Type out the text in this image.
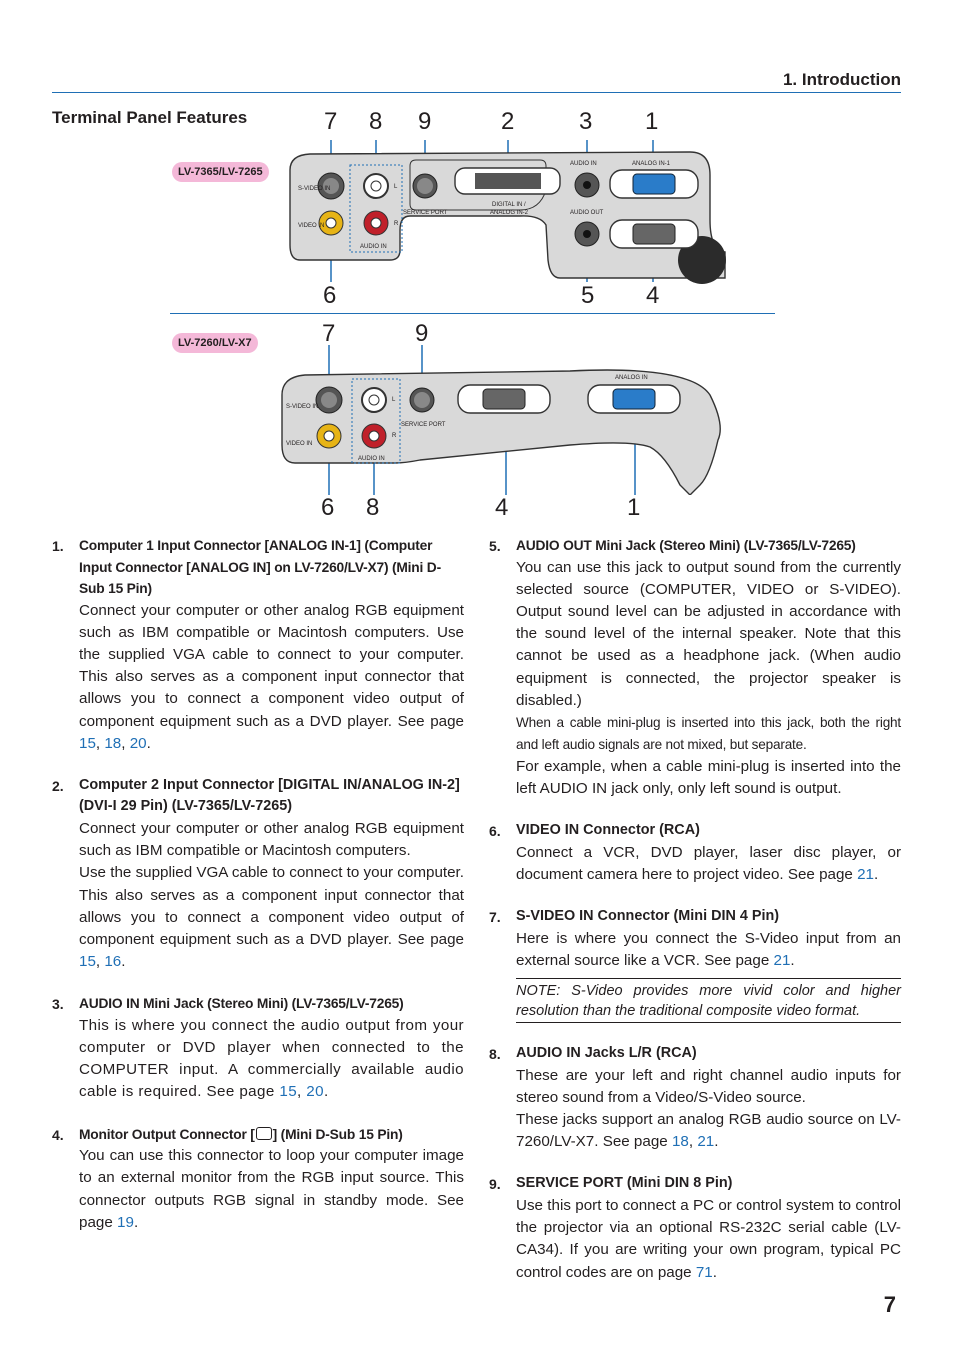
1. Introduction
Terminal Panel Features	7 8 9	2	3 1
6	5 4
LV-7365/LV-7265
S-VIDEO IN
VIDEO IN
AUDIO IN
L
R
SERVICE PORT
DIGITAL IN /
ANALOG IN-2
AUDIO IN
AUDIO OUT
ANALOG IN-1
7	9
6 8	4	1
LV-7260/LV-X7
S-VIDEO IN
VIDEO IN
AUDIO IN
L
R
SERVICE PORT
ANALOG IN
1. Computer 1 Input Connector [ANALOG IN-1] (Computer Input Connector [ANALOG IN] on LV-7260/LV-X7) (Mini D-Sub 15 Pin)

Connect your computer or other analog RGB equipment such as IBM compatible or Macintosh computers. Use the supplied VGA cable to connect to your computer. This also serves as a component input connector that allows you to connect a component video output of component equipment such as a DVD player. See page 15, 18, 20.

2. Computer 2 Input Connector [DIGITAL IN/ANALOG IN-2] (DVI-I 29 Pin) (LV-7365/LV-7265)

Connect your computer or other analog RGB equipment such as IBM compatible or Macintosh computers.

Use the supplied VGA cable to connect to your computer. This also serves as a component input connector that allows you to connect a component video output of component equipment such as a DVD player. See page 15, 16.

3. AUDIO IN Mini Jack (Stereo Mini) (LV-7365/LV-7265)

This is where you connect the audio output from your computer or DVD player when connected to the COMPUTER input. A commercially available audio cable is required. See page 15, 20.

4. Monitor Output Connector [ ] (Mini D-Sub 15 Pin)

You can use this connector to loop your computer image to an external monitor from the RGB input source. This connector outputs RGB signal in standby mode. See page 19.

5. AUDIO OUT Mini Jack (Stereo Mini) (LV-7365/LV-7265)

You can use this jack to output sound from the currently selected source (COMPUTER, VIDEO or S-VIDEO). Output sound level can be adjusted in accordance with the sound level of the internal speaker. Note that this cannot be used as a headphone jack. (When audio equipment is connected, the projector speaker is disabled.)

When a cable mini-plug is inserted into this jack, both the right and left audio signals are not mixed, but separate.

For example, when a cable mini-plug is inserted into the left AUDIO IN jack only, only left sound is output.

6. VIDEO IN Connector (RCA)

Connect a VCR, DVD player, laser disc player, or document camera here to project video. See page 21.

7. S-VIDEO IN Connector (Mini DIN 4 Pin)

Here is where you connect the S-Video input from an external source like a VCR. See page 21.

NOTE: S-Video provides more vivid color and higher resolution than the traditional composite video format.

8. AUDIO IN Jacks L/R (RCA)

These are your left and right channel audio inputs for stereo sound from a Video/S-Video source.

These jacks support an analog RGB audio source on LV-7260/LV-X7. See page 18, 21.

9. SERVICE PORT (Mini DIN 8 Pin)

Use this port to connect a PC or control system to control the projector via an optional RS-232C serial cable (LV-CA34). If you are writing your own program, typical PC control codes are on page 71.

7
